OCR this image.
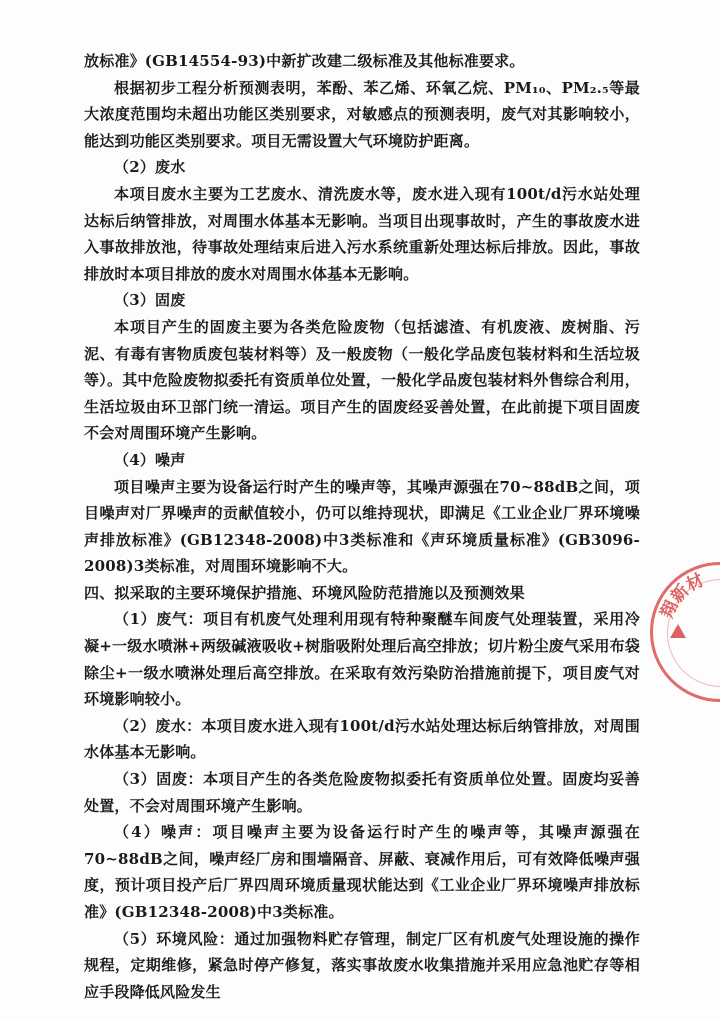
放标准》(GB14554-93)中新扩改建二级标准及其他标准要求。

根据初步工程分析预测表明，苯酚、苯乙烯、环氧乙烷、PM₁₀、PM₂.₅等最大浓度范围均未超出功能区类别要求，对敏感点的预测表明，废气对其影响较小，能达到功能区类别要求。项目无需设置大气环境防护距离。

（2）废水

本项目废水主要为工艺废水、清洗废水等，废水进入现有100t/d污水站处理达标后纳管排放，对周围水体基本无影响。当项目出现事故时，产生的事故废水进入事故排放池，待事故处理结束后进入污水系统重新处理达标后排放。因此，事故排放时本项目排放的废水对周围水体基本无影响。

（3）固废

本项目产生的固废主要为各类危险废物（包括滤渣、有机废液、废树脂、污泥、有毒有害物质废包装材料等）及一般废物（一般化学品废包装材料和生活垃圾等）。其中危险废物拟委托有资质单位处置，一般化学品废包装材料外售综合利用，生活垃圾由环卫部门统一清运。项目产生的固废经妥善处置，在此前提下项目固废不会对周围环境产生影响。

（4）噪声

项目噪声主要为设备运行时产生的噪声等，其噪声源强在70~88dB之间，项目噪声对厂界噪声的贡献值较小，仍可以维持现状，即满足《工业企业厂界环境噪声排放标准》(GB12348-2008)中3类标准和《声环境质量标准》(GB3096-2008)3类标准，对周围环境影响不大。

四、拟采取的主要环境保护措施、环境风险防范措施以及预测效果

（1）废气：项目有机废气处理利用现有特种聚醚车间废气处理装置，采用冷凝+一级水喷淋+两级碱液吸收+树脂吸附处理后高空排放；切片粉尘废气采用布袋除尘+一级水喷淋处理后高空排放。在采取有效污染防治措施前提下，项目废气对环境影响较小。

（2）废水：本项目废水进入现有100t/d污水站处理达标后纳管排放，对周围水体基本无影响。

（3）固废：本项目产生的各类危险废物拟委托有资质单位处置。固废均妥善处置，不会对周围环境产生影响。

（4）噪声：项目噪声主要为设备运行时产生的噪声等，其噪声源强在70~88dB之间，噪声经厂房和围墙隔音、屏蔽、衰减作用后，可有效降低噪声强度，预计项目投产后厂界四周环境质量现状能达到《工业企业厂界环境噪声排放标准》(GB12348-2008)中3类标准。

（5）环境风险：通过加强物料贮存管理，制定厂区有机废气处理设施的操作规程，定期维修，紧急时停产修复，落实事故废水收集措施并采用应急池贮存等相应手段降低风险发生

翔新材
